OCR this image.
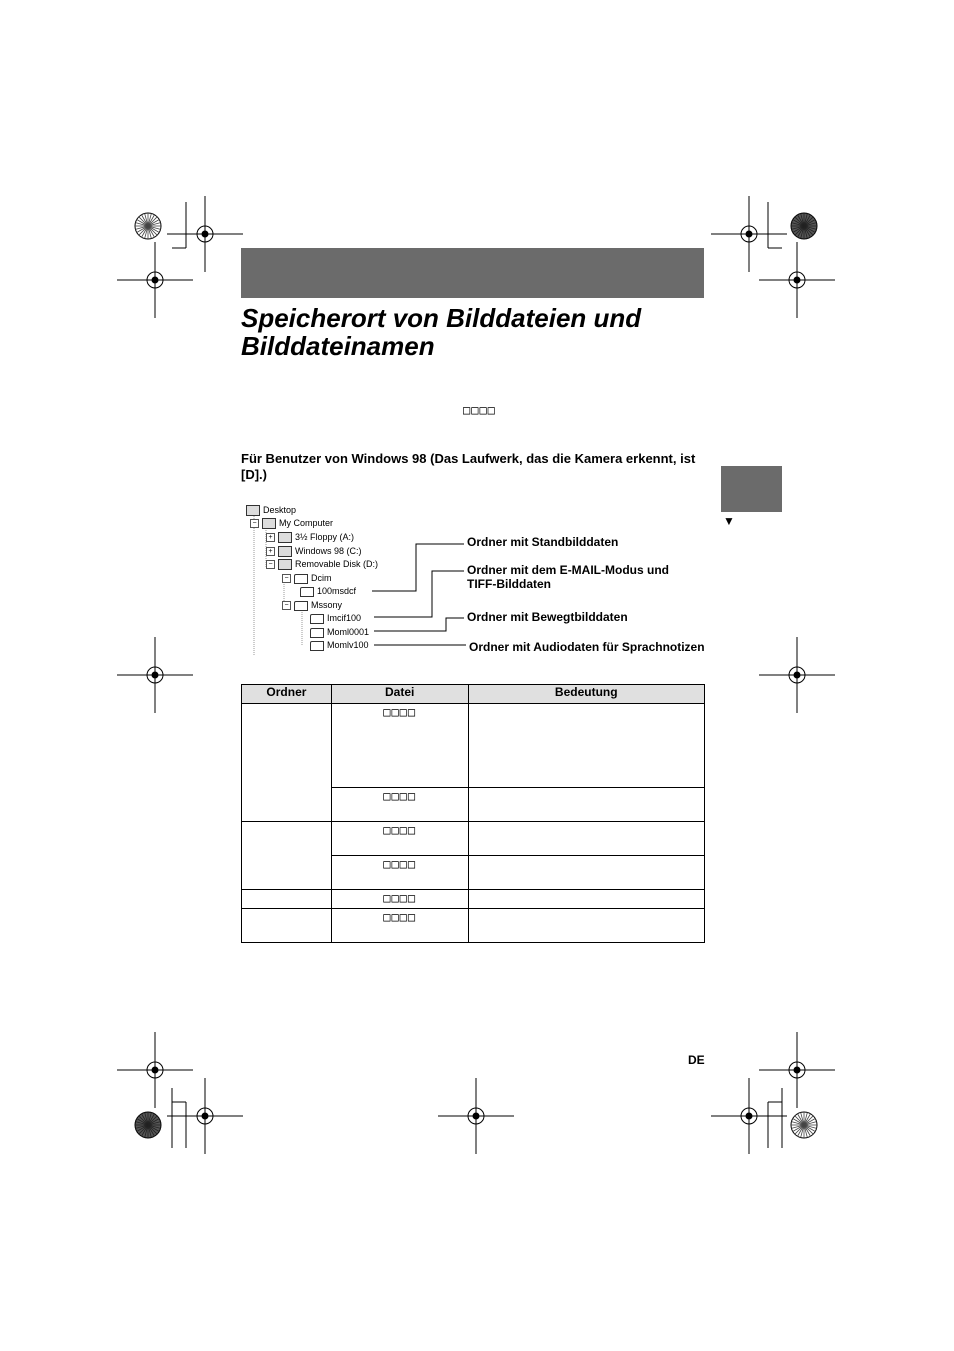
Speicherort von Bilddateien und Bilddateinamen
□□□□
Für Benutzer von Windows 98 (Das Laufwerk, das die Kamera erkennt, ist [D].)
▼
Desktop
− My Computer
+ 3½ Floppy (A:)
+ Windows 98 (C:)
− Removable Disk (D:)
− Dcim
100msdcf
− Mssony
Imcif100
Moml0001
Momlv100
Ordner mit Standbilddaten
Ordner mit dem E-MAIL-Modus und TIFF-Bilddaten
Ordner mit Bewegtbilddaten
Ordner mit Audiodaten für Sprachnotizen
Ordner	Datei	Bedeutung
	□□□□	
	□□□□	
	□□□□	
	□□□□	
	□□□□	
	□□□□	
DE
